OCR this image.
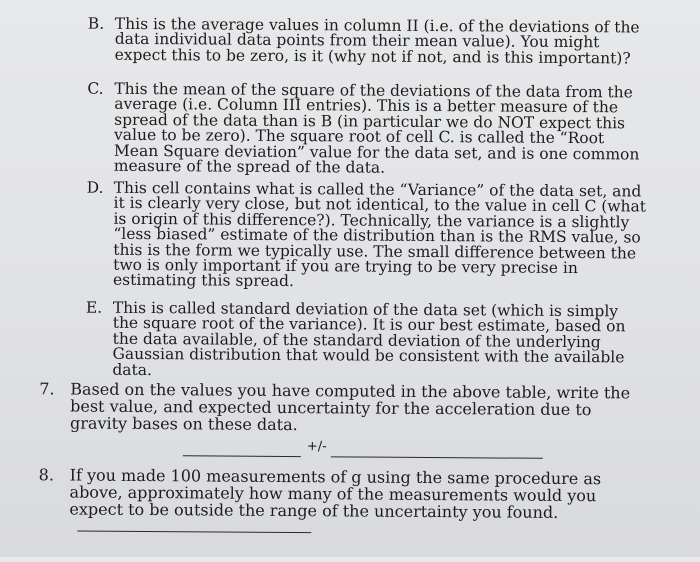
B. This is the average values in column II (i.e. of the deviations of the data individual data points from their mean value). You might expect this to be zero, is it (why not if not, and is this important)?
C. This the mean of the square of the deviations of the data from the average (i.e. Column III entries). This is a better measure of the spread of the data than is B (in particular we do NOT expect this value to be zero). The square root of cell C. is called the “Root Mean Square deviation” value for the data set, and is one common measure of the spread of the data.
D. This cell contains what is called the “Variance” of the data set, and it is clearly very close, but not identical, to the value in cell C (what is origin of this difference?). Technically, the variance is a slightly “less biased” estimate of the distribution than is the RMS value, so this is the form we typically use. The small difference between the two is only important if you are trying to be very precise in estimating this spread.
E. This is called standard deviation of the data set (which is simply the square root of the variance). It is our best estimate, based on the data available, of the standard deviation of the underlying Gaussian distribution that would be consistent with the available data.
7. Based on the values you have computed in the above table, write the best value, and expected uncertainty for the acceleration due to gravity bases on these data.
+/-
8. If you made 100 measurements of g using the same procedure as above, approximately how many of the measurements would you expect to be outside the range of the uncertainty you found.
